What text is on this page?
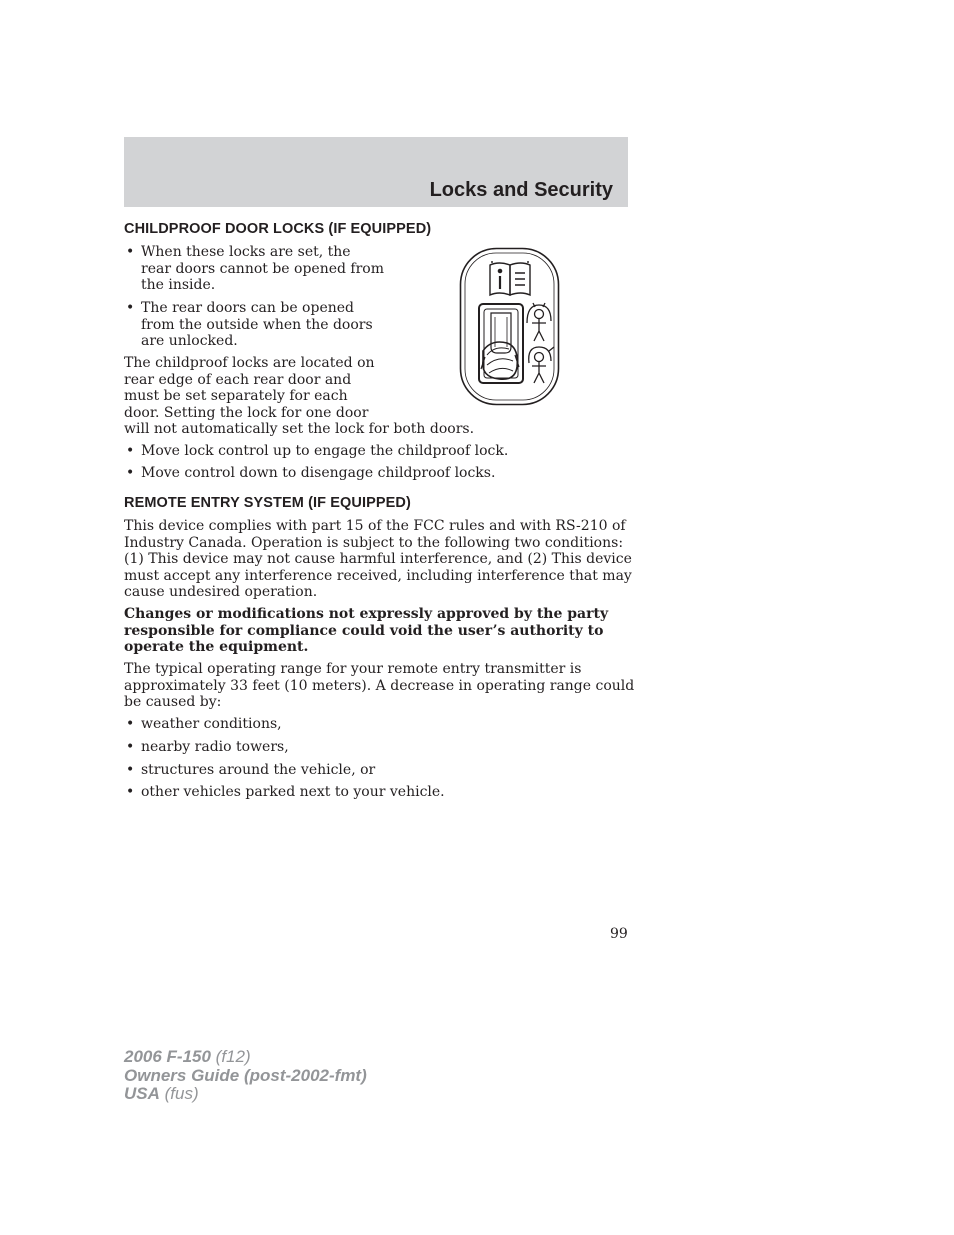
Locks and Security
CHILDPROOF DOOR LOCKS (IF EQUIPPED)
• When these locks are set, the
rear doors cannot be opened from
the inside.
• The rear doors can be opened
from the outside when the doors
are unlocked.
The childproof locks are located on
rear edge of each rear door and
must be set separately for each
door. Setting the lock for one door
will not automatically set the lock for both doors.
• Move lock control up to engage the childproof lock.
• Move control down to disengage childproof locks.
REMOTE ENTRY SYSTEM (IF EQUIPPED)
This device complies with part 15 of the FCC rules and with RS-210 of
Industry Canada. Operation is subject to the following two conditions:
(1) This device may not cause harmful interference, and (2) This device
must accept any interference received, including interference that may
cause undesired operation.
Changes or modifications not expressly approved by the party
responsible for compliance could void the user’s authority to
operate the equipment.
The typical operating range for your remote entry transmitter is
approximately 33 feet (10 meters). A decrease in operating range could
be caused by:
• weather conditions,
• nearby radio towers,
• structures around the vehicle, or
• other vehicles parked next to your vehicle.
99
2006 F-150 (f12)
Owners Guide (post-2002-fmt)
USA (fus)
